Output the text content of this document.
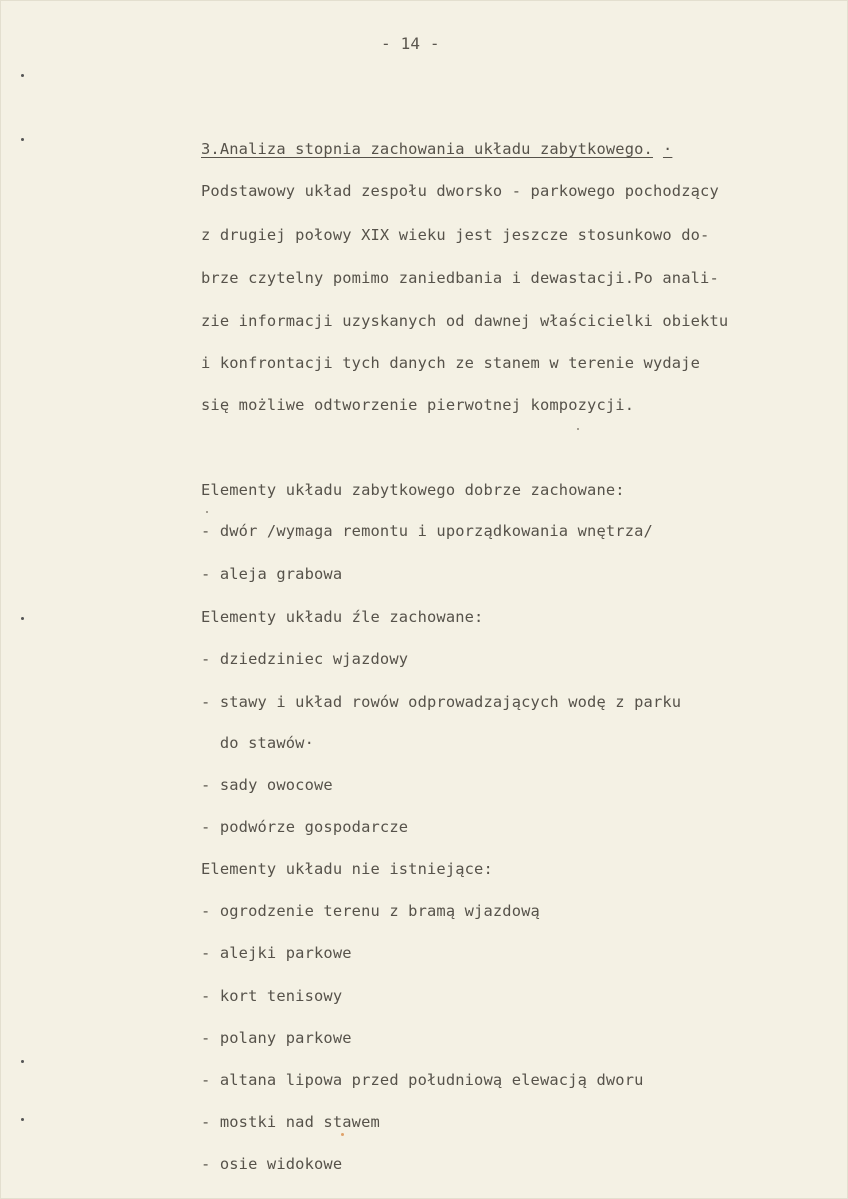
- 14 -
3.Analiza stopnia zachowania układu zabytkowego. ·
Podstawowy układ zespołu dworsko - parkowego pochodzący
z drugiej połowy XIX wieku jest jeszcze stosunkowo do-
brze czytelny pomimo zaniedbania i dewastacji.Po anali-
zie informacji uzyskanych od dawnej właścicielki obiektu
i konfrontacji tych danych ze stanem w terenie wydaje
się możliwe odtworzenie pierwotnej kompozycji.
Elementy układu zabytkowego dobrze zachowane:
- dwór /wymaga remontu i uporządkowania wnętrza/
- aleja grabowa
Elementy układu źle zachowane:
- dziedziniec wjazdowy
- stawy i układ rowów odprowadzających wodę z parku
do stawów·
- sady owocowe
- podwórze gospodarcze
Elementy układu nie istniejące:
- ogrodzenie terenu z bramą wjazdową
- alejki parkowe
- kort tenisowy
- polany parkowe
- altana lipowa przed południową elewacją dworu
- mostki nad stawem
- osie widokowe
